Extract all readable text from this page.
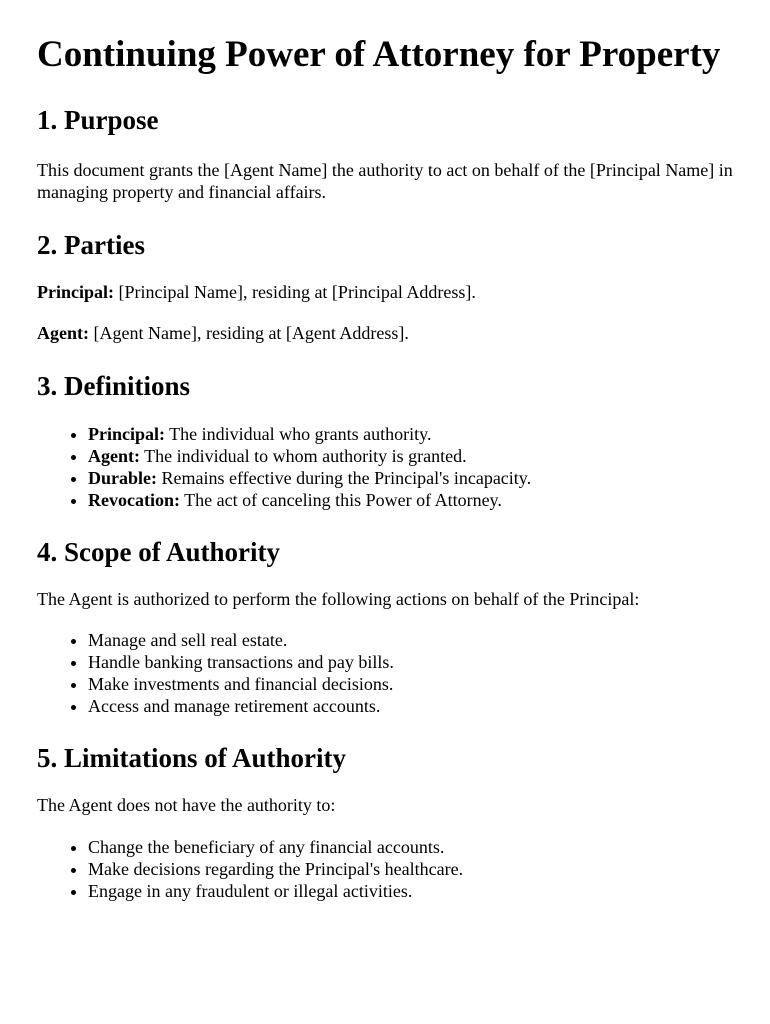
Continuing Power of Attorney for Property
1. Purpose

This document grants the [Agent Name] the authority to act on behalf of the [Principal Name] in managing property and financial affairs.

2. Parties

Principal: [Principal Name], residing at [Principal Address].

Agent: [Agent Name], residing at [Agent Address].

3. Definitions
• Principal: The individual who grants authority.
• Agent: The individual to whom authority is granted.
• Durable: Remains effective during the Principal's incapacity.
• Revocation: The act of canceling this Power of Attorney.
4. Scope of Authority

The Agent is authorized to perform the following actions on behalf of the Principal:

• Manage and sell real estate.
• Handle banking transactions and pay bills.
• Make investments and financial decisions.
• Access and manage retirement accounts.
5. Limitations of Authority

The Agent does not have the authority to:

• Change the beneficiary of any financial accounts.
• Make decisions regarding the Principal's healthcare.
• Engage in any fraudulent or illegal activities.
